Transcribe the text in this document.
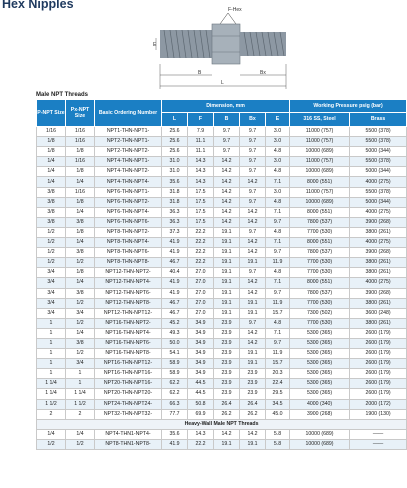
Hex Nipples	F-Hex
L
B	Bx
E
Male NPT Threads
P-NPT Size	Px-NPT Size	Basic Ordering Number	Dimension, mm					Working Pressure psig (bar)	
			L	F	B	Bx	E	316 SS, Steel	Brass
1/16	1/16	NPT1-THN-NPT1-	25.6	7.9	9.7	9.7	3.0	11000 (757)	5500 (378)
1/8	1/16	NPT2-THN-NPT1-	25.6	11.1	9.7	9.7	3.0	11000 (757)	5500 (378)
1/8	1/8	NPT2-THN-NPT2-	25.6	11.1	9.7	9.7	4.8	10000 (689)	5000 (344)
1/4	1/16	NPT4-THN-NPT1-	31.0	14.3	14.2	9.7	3.0	11000 (757)	5500 (378)
1/4	1/8	NPT4-THN-NPT2-	31.0	14.3	14.2	9.7	4.8	10000 (689)	5000 (344)
1/4	1/4	NPT4-THN-NPT4-	35.6	14.3	14.2	14.2	7.1	8000 (551)	4000 (275)
3/8	1/16	NPT6-THN-NPT1-	31.8	17.5	14.2	9.7	3.0	11000 (757)	5500 (378)
3/8	1/8	NPT6-THN-NPT2-	31.8	17.5	14.2	9.7	4.8	10000 (689)	5000 (344)
3/8	1/4	NPT6-THN-NPT4-	36.3	17.5	14.2	14.2	7.1	8000 (551)	4000 (275)
3/8	3/8	NPT6-THN-NPT6-	36.3	17.5	14.2	14.2	9.7	7800 (537)	3900 (268)
1/2	1/8	NPT8-THN-NPT2-	37.3	22.2	19.1	9.7	4.8	7700 (530)	3800 (261)
1/2	1/4	NPT8-THN-NPT4-	41.9	22.2	19.1	14.2	7.1	8000 (551)	4000 (275)
1/2	3/8	NPT8-THN-NPT6-	41.9	22.2	19.1	14.2	9.7	7800 (537)	3900 (268)
1/2	1/2	NPT8-THN-NPT8-	46.7	22.2	19.1	19.1	11.9	7700 (530)	3800 (261)
3/4	1/8	NPT12-THN-NPT2-	40.4	27.0	19.1	9.7	4.8	7700 (530)	3800 (261)
3/4	1/4	NPT12-THN-NPT4-	41.9	27.0	19.1	14.2	7.1	8000 (551)	4000 (275)
3/4	3/8	NPT12-THN-NPT6-	41.9	27.0	19.1	14.2	9.7	7800 (537)	3900 (268)
3/4	1/2	NPT12-THN-NPT8-	46.7	27.0	19.1	19.1	11.9	7700 (530)	3800 (261)
3/4	3/4	NPT12-THN-NPT12-	46.7	27.0	19.1	19.1	15.7	7300 (502)	3600 (248)
1	1/2	NPT16-THN-NPT2-	45.2	34.9	23.9	9.7	4.8	7700 (530)	3800 (261)
1	1/4	NPT16-THN-NPT4-	49.3	34.9	23.9	14.2	7.1	5300 (365)	2600 (179)
1	3/8	NPT16-THN-NPT6-	50.0	34.9	23.9	14.2	9.7	5300 (365)	2600 (179)
1	1/2	NPT16-THN-NPT8-	54.1	34.9	23.9	19.1	11.9	5300 (365)	2600 (179)
1	3/4	NPT16-THN-NPT12-	58.9	34.9	23.9	19.1	15.7	5300 (365)	2600 (179)
1	1	NPT16-THN-NPT16-	58.9	34.9	23.9	23.9	20.3	5300 (365)	2600 (179)
1 1/4	1	NPT20-THN-NPT16-	62.2	44.5	23.9	23.9	22.4	5300 (365)	2600 (179)
1 1/4	1 1/4	NPT20-THN-NPT20-	62.2	44.5	23.9	23.9	29.5	5300 (365)	2600 (179)
1 1/2	1 1/2	NPT24-THN-NPT24-	66.3	50.8	26.4	26.4	34.5	4000 (340)	2000 (172)
2	2	NPT32-THN-NPT32-	77.7	69.9	26.2	26.2	45.0	3900 (268)	1900 (130)
Heavy-Wall Male NPT Threads									
1/4	1/4	NPT4-THN1-NPT4-	35.6	14.3	14.2	14.2	5.8	10000 (689)	——
1/2	1/2	NPT8-THN1-NPT8-	41.9	22.2	19.1	19.1	5.8	10000 (689)	——
